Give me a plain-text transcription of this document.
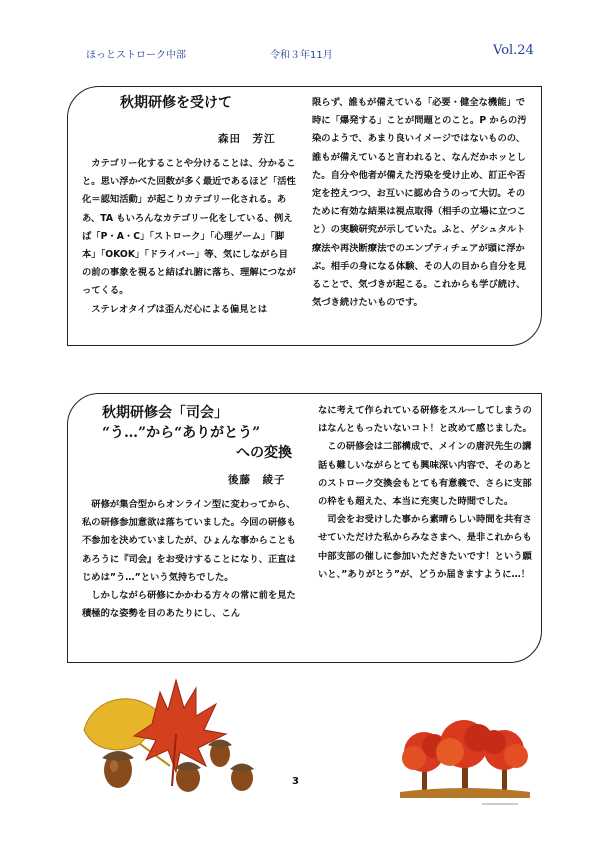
ほっとストローク中部	令和３年11月	Vol.24
秋期研修を受けて
森田　芳江

カテゴリー化することや分けることは、分かること。思い浮かべた回数が多く最近であるほど「活性化＝認知活動」が起こりカテゴリー化される。ああ、TA もいろんなカテゴリー化をしている、例えば「P・A・C」「ストローク」「心理ゲーム」「脚本」「OKOK」「ドライバー」等、気にしながら目の前の事象を視ると結ばれ腑に落ち、理解につながってくる。

ステレオタイプは歪んだ心による偏見とは

限らず、誰もが備えている「必要・健全な機能」で時に「爆発する」ことが問題とのこと。P からの汚染のようで、あまり良いイメージではないものの、誰もが備えていると言われると、なんだかホッとした。自分や他者が備えた汚染を受け止め、訂正や否定を控えつつ、お互いに認め合うのって大切。そのために有効な結果は視点取得（相手の立場に立つこと）の実験研究が示していた。ふと、ゲシュタルト療法や再決断療法でのエンプティチェアが頭に浮かぶ。相手の身になる体験、その人の目から自分を見ることで、気づきが起こる。これからも学び続け、気づき続けたいものです。

秋期研修会「司会」
“う…”から“ありがとう”
への変換
後藤　綾子

研修が集合型からオンライン型に変わってから、私の研修参加意欲は落ちていました。今回の研修も不参加を決めていましたが、ひょんな事からこともあろうに『司会』をお受けすることになり、正直はじめは”う…”という気持ちでした。

しかしながら研修にかかわる方々の常に前を見た積極的な姿勢を目のあたりにし、こん

なに考えて作られている研修をスルーしてしまうのはなんともったいないコト！と改めて感じました。

この研修会は二部構成で、メインの唐沢先生の講話も難しいながらとても興味深い内容で、そのあとのストローク交換会もとても有意義で、さらに支部の枠をも超えた、本当に充実した時間でした。

司会をお受けした事から素晴らしい時間を共有させていただけた私からみなさまへ、是非これからも中部支部の催しに参加いただきたいです！という願いと、”ありがとう”が、どうか届きますように…！

3
